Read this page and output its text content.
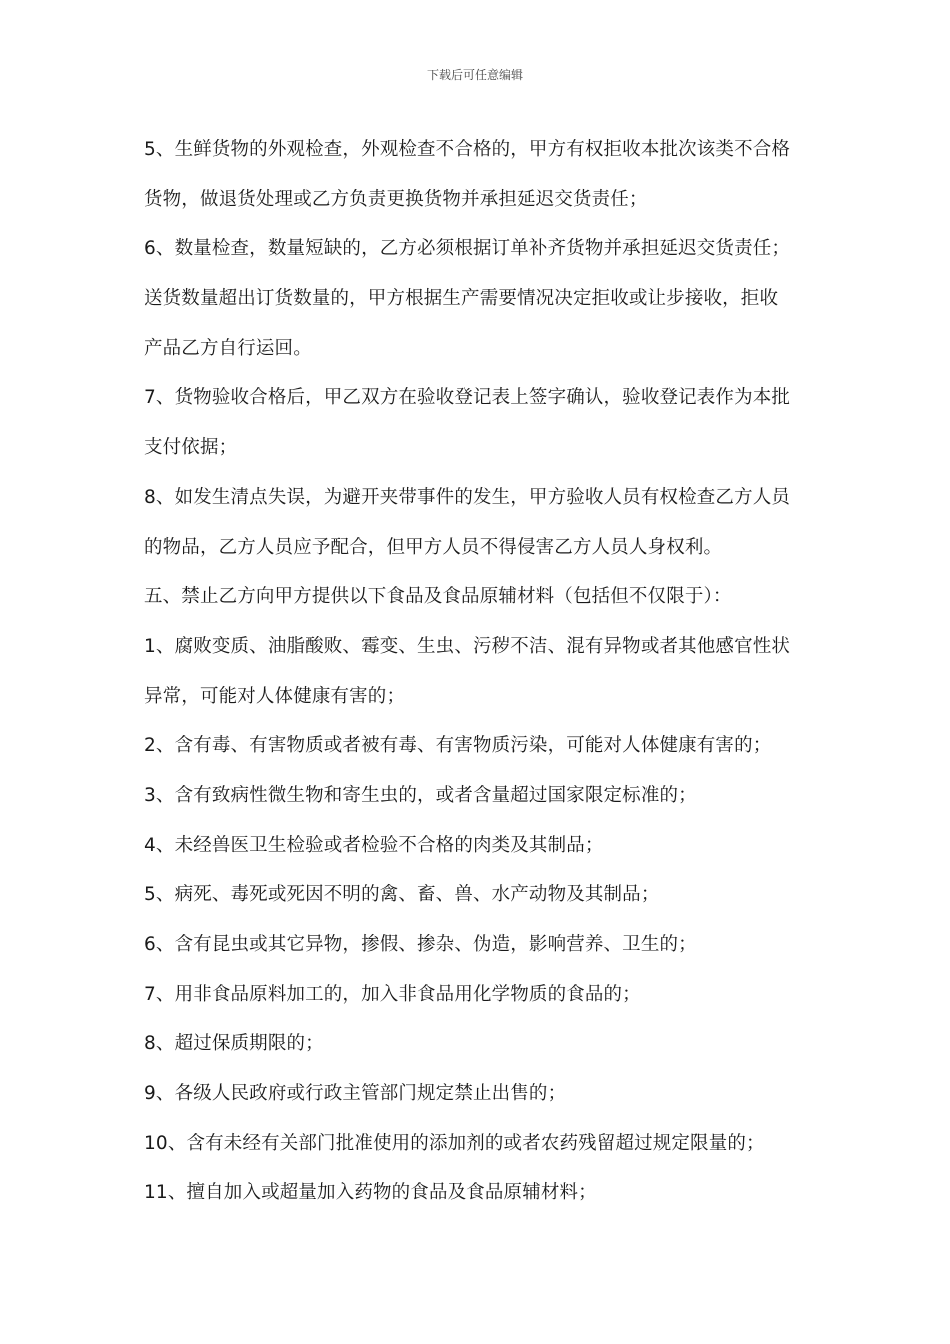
下载后可任意编辑
5、生鲜货物的外观检查，外观检查不合格的，甲方有权拒收本批次该类不合格
货物，做退货处理或乙方负责更换货物并承担延迟交货责任；
6、数量检查，数量短缺的，乙方必须根据订单补齐货物并承担延迟交货责任；
送货数量超出订货数量的，甲方根据生产需要情况决定拒收或让步接收，拒收
产品乙方自行运回。
7、货物验收合格后，甲乙双方在验收登记表上签字确认，验收登记表作为本批
支付依据；
8、如发生清点失误，为避开夹带事件的发生，甲方验收人员有权检查乙方人员
的物品，乙方人员应予配合，但甲方人员不得侵害乙方人员人身权利。
五、禁止乙方向甲方提供以下食品及食品原辅材料（包括但不仅限于）：
1、腐败变质、油脂酸败、霉变、生虫、污秽不洁、混有异物或者其他感官性状
异常，可能对人体健康有害的；
2、含有毒、有害物质或者被有毒、有害物质污染，可能对人体健康有害的；
3、含有致病性微生物和寄生虫的，或者含量超过国家限定标准的；
4、未经兽医卫生检验或者检验不合格的肉类及其制品；
5、病死、毒死或死因不明的禽、畜、兽、水产动物及其制品；
6、含有昆虫或其它异物，掺假、掺杂、伪造，影响营养、卫生的；
7、用非食品原料加工的，加入非食品用化学物质的食品的；
8、超过保质期限的；
9、各级人民政府或行政主管部门规定禁止出售的；
10、含有未经有关部门批准使用的添加剂的或者农药残留超过规定限量的；
11、擅自加入或超量加入药物的食品及食品原辅材料；
